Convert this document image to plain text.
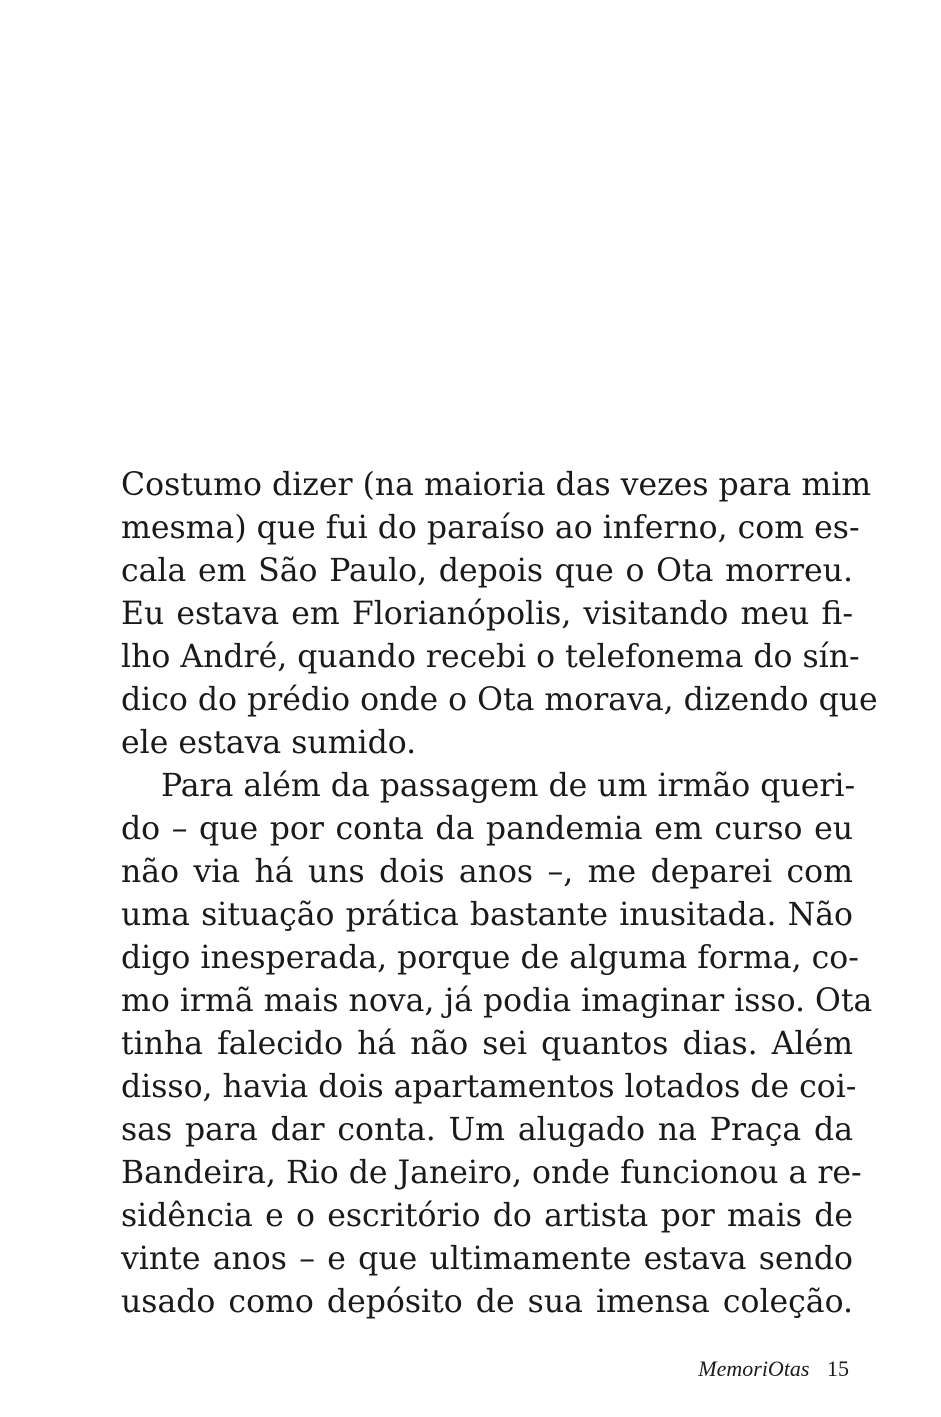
Costumo dizer (na maioria das vezes para mim
mesma) que fui do paraíso ao inferno, com es-
cala em São Paulo, depois que o Ota morreu.
Eu estava em Florianópolis, visitando meu fi-
lho André, quando recebi o telefonema do sín-
dico do prédio onde o Ota morava, dizendo que
ele estava sumido.
Para além da passagem de um irmão queri-
do – que por conta da pandemia em curso eu
não via há uns dois anos –, me deparei com
uma situação prática bastante inusitada. Não
digo inesperada, porque de alguma forma, co-
mo irmã mais nova, já podia imaginar isso. Ota
tinha falecido há não sei quantos dias. Além
disso, havia dois apartamentos lotados de coi-
sas para dar conta. Um alugado na Praça da
Bandeira, Rio de Janeiro, onde funcionou a re-
sidência e o escritório do artista por mais de
vinte anos – e que ultimamente estava sendo
usado como depósito de sua imensa coleção.
MemoriOtas 15
